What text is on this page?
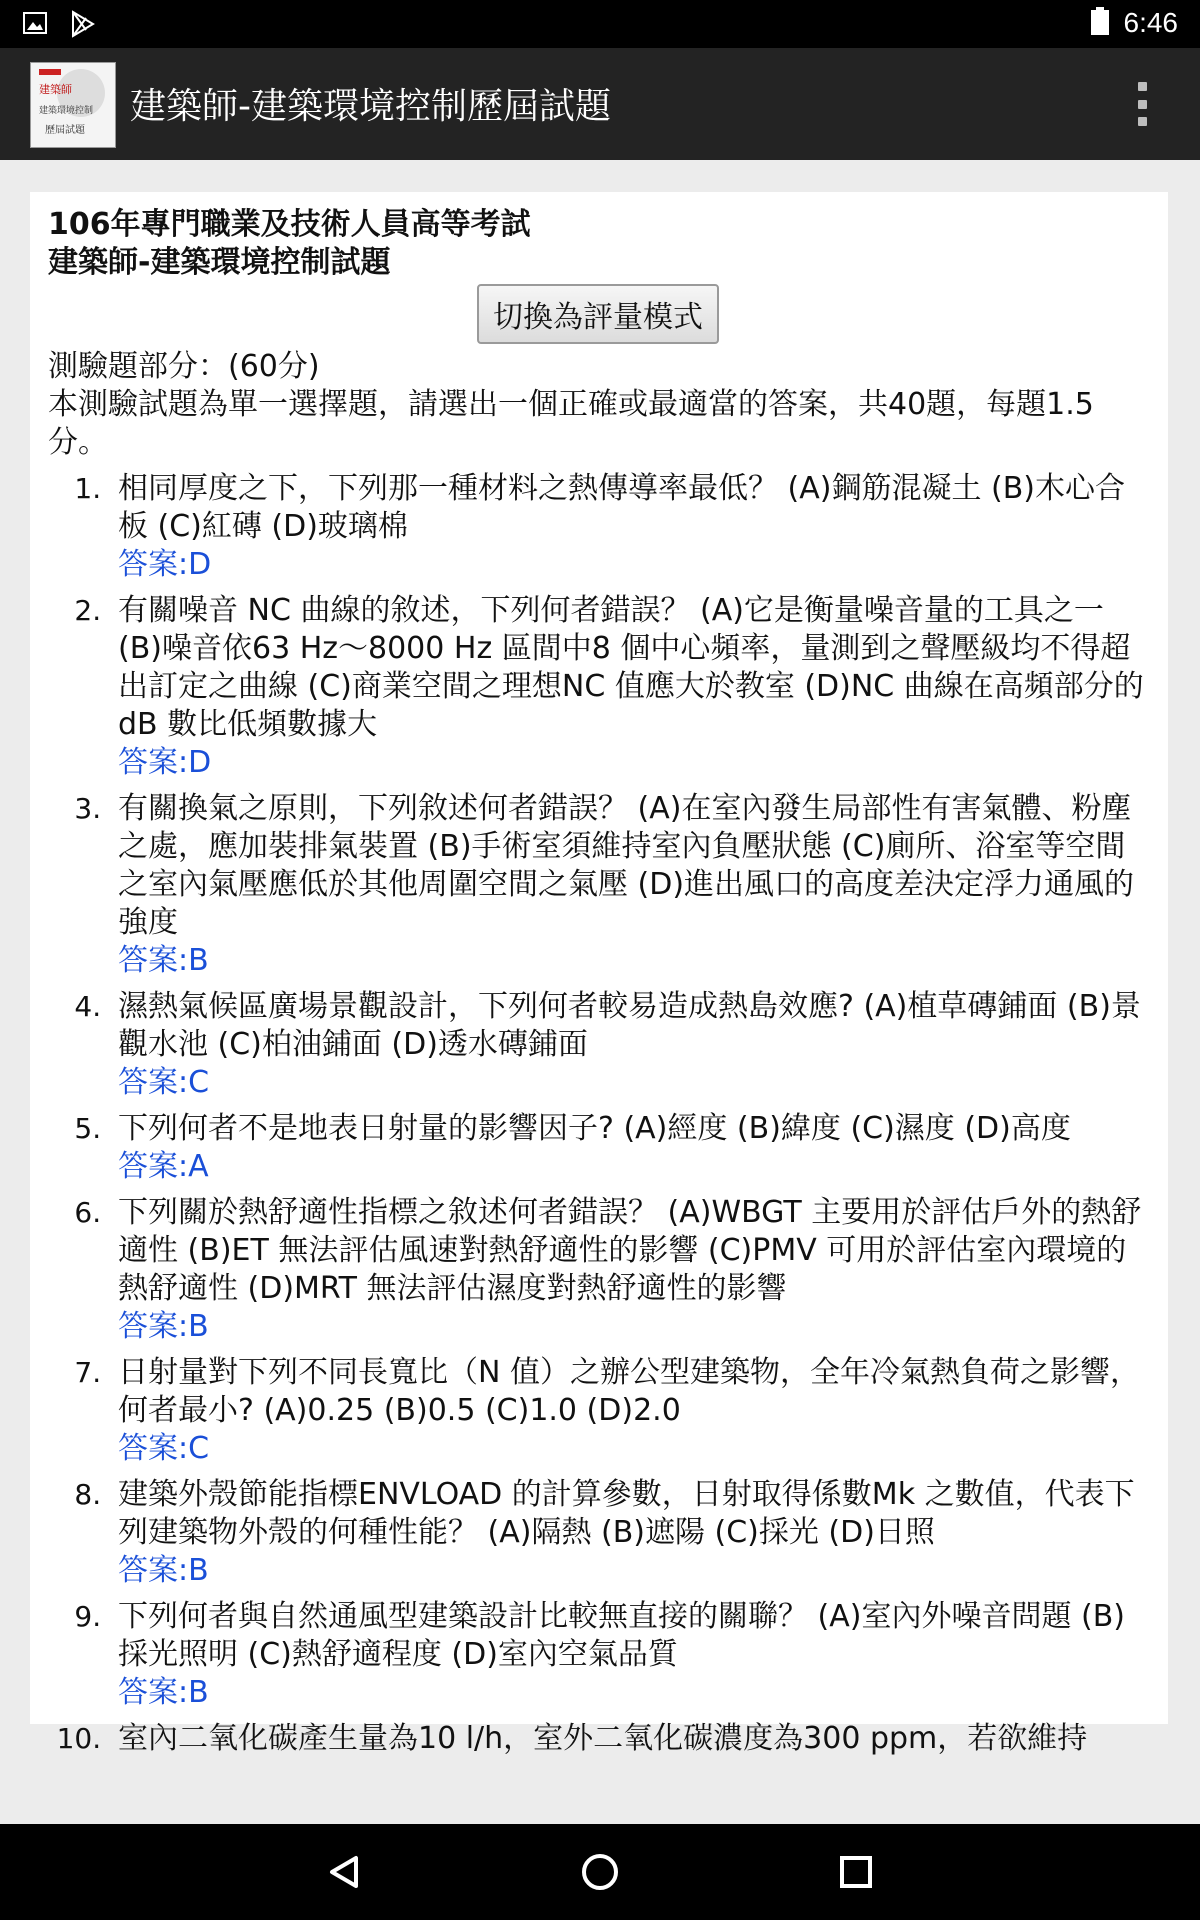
6:46
建築師
建築環境控制
歷屆試題
建築師-建築環境控制歷屆試題
106年專門職業及技術人員高等考試
建築師-建築環境控制試題
切換為評量模式
測驗題部分：(60分)
本測驗試題為單一選擇題，請選出一個正確或最適當的答案，共40題，每題1.5分。
1. 相同厚度之下，下列那一種材料之熱傳導率最低？ (A)鋼筋混凝土 (B)木心合板 (C)紅磚 (D)玻璃棉
答案:D
2. 有關噪音 NC 曲線的敘述，下列何者錯誤？ (A)它是衡量噪音量的工具之一 (B)噪音依63 Hz～8000 Hz 區間中8 個中心頻率，量測到之聲壓級均不得超出訂定之曲線 (C)商業空間之理想NC 值應大於教室 (D)NC 曲線在高頻部分的 dB 數比低頻數據大
答案:D
3. 有關換氣之原則，下列敘述何者錯誤？ (A)在室內發生局部性有害氣體、粉塵之處，應加裝排氣裝置 (B)手術室須維持室內負壓狀態 (C)廁所、浴室等空間之室內氣壓應低於其他周圍空間之氣壓 (D)進出風口的高度差決定浮力通風的強度
答案:B
4. 濕熱氣候區廣場景觀設計，下列何者較易造成熱島效應? (A)植草磚鋪面 (B)景觀水池 (C)柏油鋪面 (D)透水磚鋪面
答案:C
5. 下列何者不是地表日射量的影響因子? (A)經度 (B)緯度 (C)濕度 (D)高度
答案:A
6. 下列關於熱舒適性指標之敘述何者錯誤？ (A)WBGT 主要用於評估戶外的熱舒適性 (B)ET 無法評估風速對熱舒適性的影響 (C)PMV 可用於評估室內環境的熱舒適性 (D)MRT 無法評估濕度對熱舒適性的影響
答案:B
7. 日射量對下列不同長寬比（N 值）之辦公型建築物，全年冷氣熱負荷之影響，何者最小? (A)0.25 (B)0.5 (C)1.0 (D)2.0
答案:C
8. 建築外殼節能指標ENVLOAD 的計算參數，日射取得係數Mk 之數值，代表下列建築物外殼的何種性能？ (A)隔熱 (B)遮陽 (C)採光 (D)日照
答案:B
9. 下列何者與自然通風型建築設計比較無直接的關聯？ (A)室內外噪音問題 (B)採光照明 (C)熱舒適程度 (D)室內空氣品質
答案:B
10. 室內二氧化碳產生量為10 l/h，室外二氧化碳濃度為300 ppm，若欲維持
